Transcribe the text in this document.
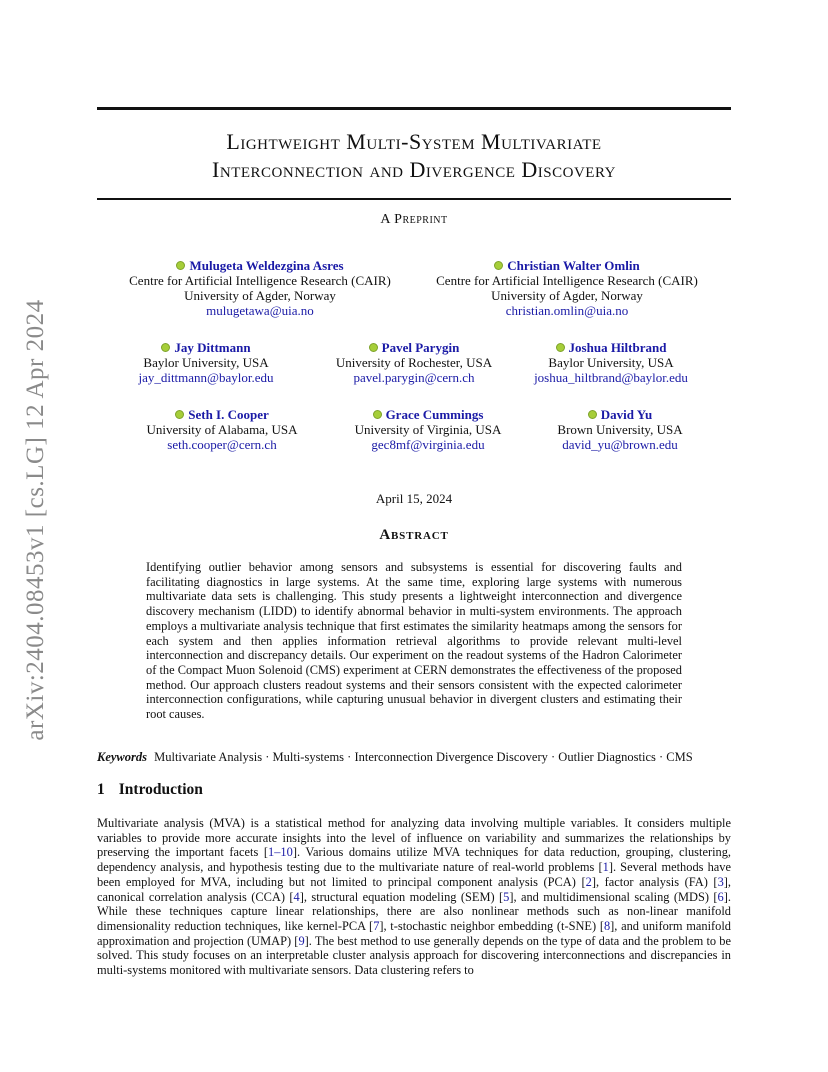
arXiv:2404.08453v1 [cs.LG] 12 Apr 2024
Lightweight Multi-System Multivariate
Interconnection and Divergence Discovery
A Preprint
Mulugeta Weldezgina Asres
Centre for Artificial Intelligence Research (CAIR)
University of Agder, Norway
mulugetawa@uia.no
Christian Walter Omlin
Centre for Artificial Intelligence Research (CAIR)
University of Agder, Norway
christian.omlin@uia.no
Jay Dittmann
Baylor University, USA
jay_dittmann@baylor.edu
Pavel Parygin
University of Rochester, USA
pavel.parygin@cern.ch
Joshua Hiltbrand
Baylor University, USA
joshua_hiltbrand@baylor.edu
Seth I. Cooper
University of Alabama, USA
seth.cooper@cern.ch
Grace Cummings
University of Virginia, USA
gec8mf@virginia.edu
David Yu
Brown University, USA
david_yu@brown.edu
April 15, 2024
Abstract
Identifying outlier behavior among sensors and subsystems is essential for discovering faults and facilitating diagnostics in large systems. At the same time, exploring large systems with numerous multivariate data sets is challenging. This study presents a lightweight interconnection and divergence discovery mechanism (LIDD) to identify abnormal behavior in multi-system environments. The approach employs a multivariate analysis technique that first estimates the similarity heatmaps among the sensors for each system and then applies information retrieval algorithms to provide relevant multi-level interconnection and discrepancy details. Our experiment on the readout systems of the Hadron Calorimeter of the Compact Muon Solenoid (CMS) experiment at CERN demonstrates the effectiveness of the proposed method. Our approach clusters readout systems and their sensors consistent with the expected calorimeter interconnection configurations, while capturing unusual behavior in divergent clusters and estimating their root causes.
Keywords Multivariate Analysis · Multi-systems · Interconnection Divergence Discovery · Outlier Diagnostics · CMS
1 Introduction
Multivariate analysis (MVA) is a statistical method for analyzing data involving multiple variables. It considers multiple variables to provide more accurate insights into the level of influence on variability and summarizes the relationships by preserving the important facets [1–10]. Various domains utilize MVA techniques for data reduction, grouping, clustering, dependency analysis, and hypothesis testing due to the multivariate nature of real-world problems [1]. Several methods have been employed for MVA, including but not limited to principal component analysis (PCA) [2], factor analysis (FA) [3], canonical correlation analysis (CCA) [4], structural equation modeling (SEM) [5], and multidimensional scaling (MDS) [6]. While these techniques capture linear relationships, there are also nonlinear methods such as non-linear manifold dimensionality reduction techniques, like kernel-PCA [7], t-stochastic neighbor embedding (t-SNE) [8], and uniform manifold approximation and projection (UMAP) [9]. The best method to use generally depends on the type of data and the problem to be solved. This study focuses on an interpretable cluster analysis approach for discovering interconnections and discrepancies in multi-systems monitored with multivariate sensors. Data clustering refers to
